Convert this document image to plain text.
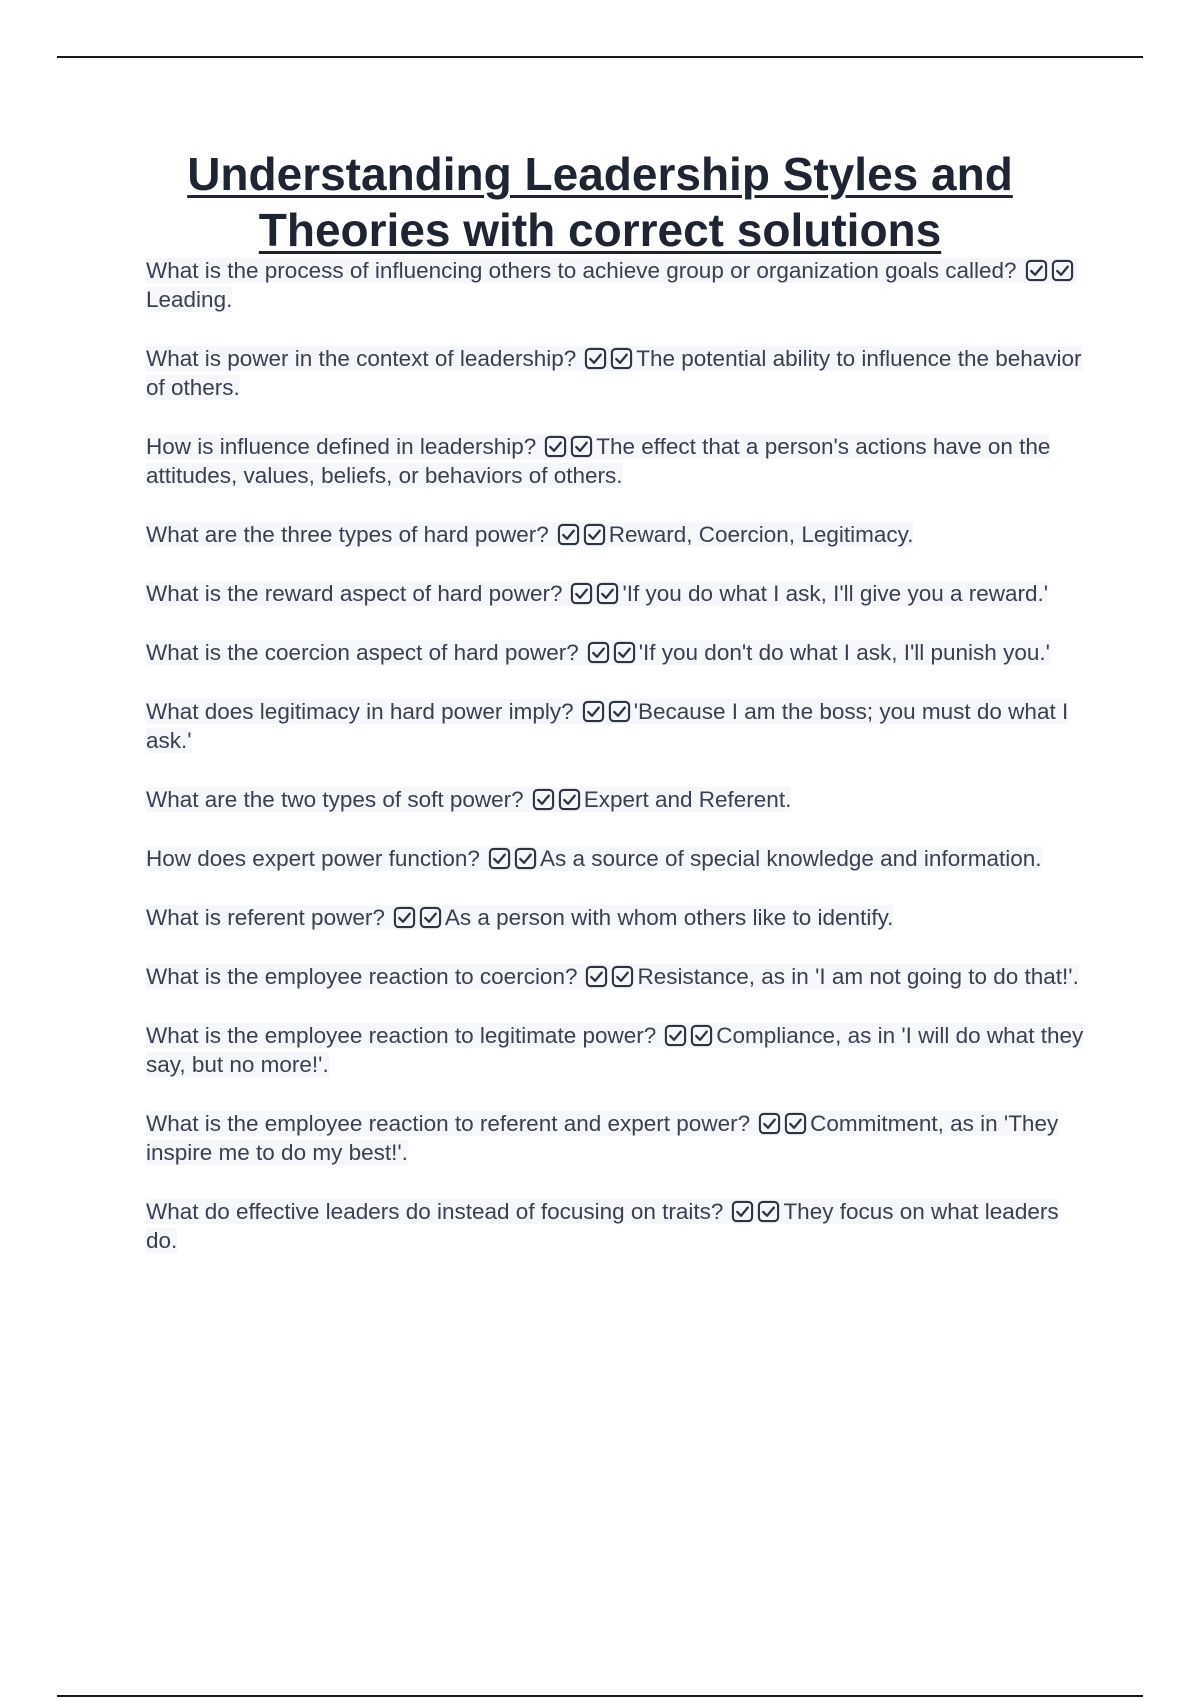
Understanding Leadership Styles and Theories with correct solutions
What is the process of influencing others to achieve group or organization goals called?
Leading.
What is power in the context of leadership?	The potential ability to influence the behavior of others.
How is influence defined in leadership?	The effect that a person's actions have on the attitudes, values, beliefs, or behaviors of others.
What are the three types of hard power?	Reward, Coercion, Legitimacy.
What is the reward aspect of hard power?	'If you do what I ask, I'll give you a reward.'
What is the coercion aspect of hard power?	'If you don't do what I ask, I'll punish you.'
What does legitimacy in hard power imply?	'Because I am the boss; you must do what I ask.'
What are the two types of soft power?	Expert and Referent.
How does expert power function?	As a source of special knowledge and information.
What is referent power?	As a person with whom others like to identify.
What is the employee reaction to coercion?	Resistance, as in 'I am not going to do that!'.
What is the employee reaction to legitimate power?	Compliance, as in 'I will do what they say, but no more!'.
What is the employee reaction to referent and expert power?	Commitment, as in 'They inspire me to do my best!'.
What do effective leaders do instead of focusing on traits?	They focus on what leaders do.
